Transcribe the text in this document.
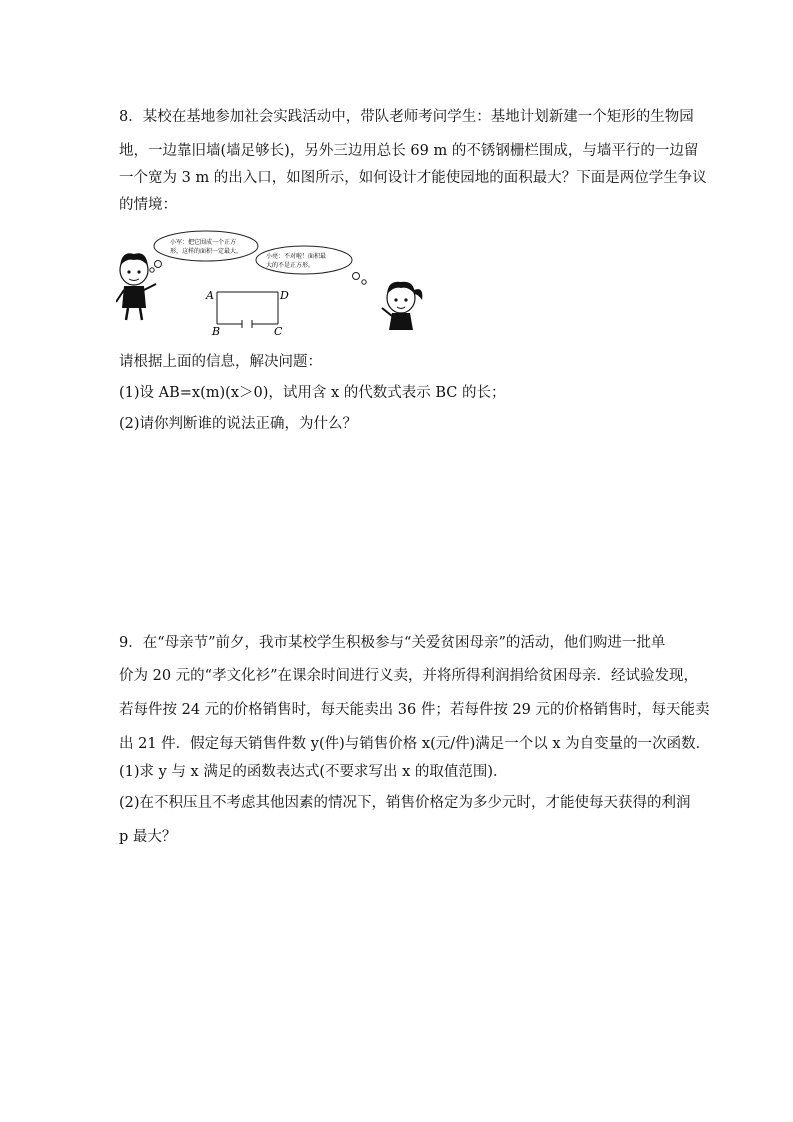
8．某校在基地参加社会实践活动中，带队老师考问学生：基地计划新建一个矩形的生物园
地，一边靠旧墙(墙足够长)，另外三边用总长 69 m 的不锈钢栅栏围成，与墙平行的一边留
一个宽为 3 m 的出入口，如图所示，如何设计才能使园地的面积最大？下面是两位学生争议
的情境：
小军：把它围成一个正方
形，这样的面积一定最大。
小亮：不对啦！面积最
大的不是正方形。
A	D
B	C
请根据上面的信息，解决问题：
(1)设 AB=x(m)(x＞0)，试用含 x 的代数式表示 BC 的长；
(2)请你判断谁的说法正确，为什么？
9．在“母亲节”前夕，我市某校学生积极参与“关爱贫困母亲”的活动，他们购进一批单
价为 20 元的“孝文化衫”在课余时间进行义卖，并将所得利润捐给贫困母亲．经试验发现，
若每件按 24 元的价格销售时，每天能卖出 36 件；若每件按 29 元的价格销售时，每天能卖
出 21 件．假定每天销售件数 y(件)与销售价格 x(元/件)满足一个以 x 为自变量的一次函数．
(1)求 y 与 x 满足的函数表达式(不要求写出 x 的取值范围)．
(2)在不积压且不考虑其他因素的情况下，销售价格定为多少元时，才能使每天获得的利润
p 最大？
